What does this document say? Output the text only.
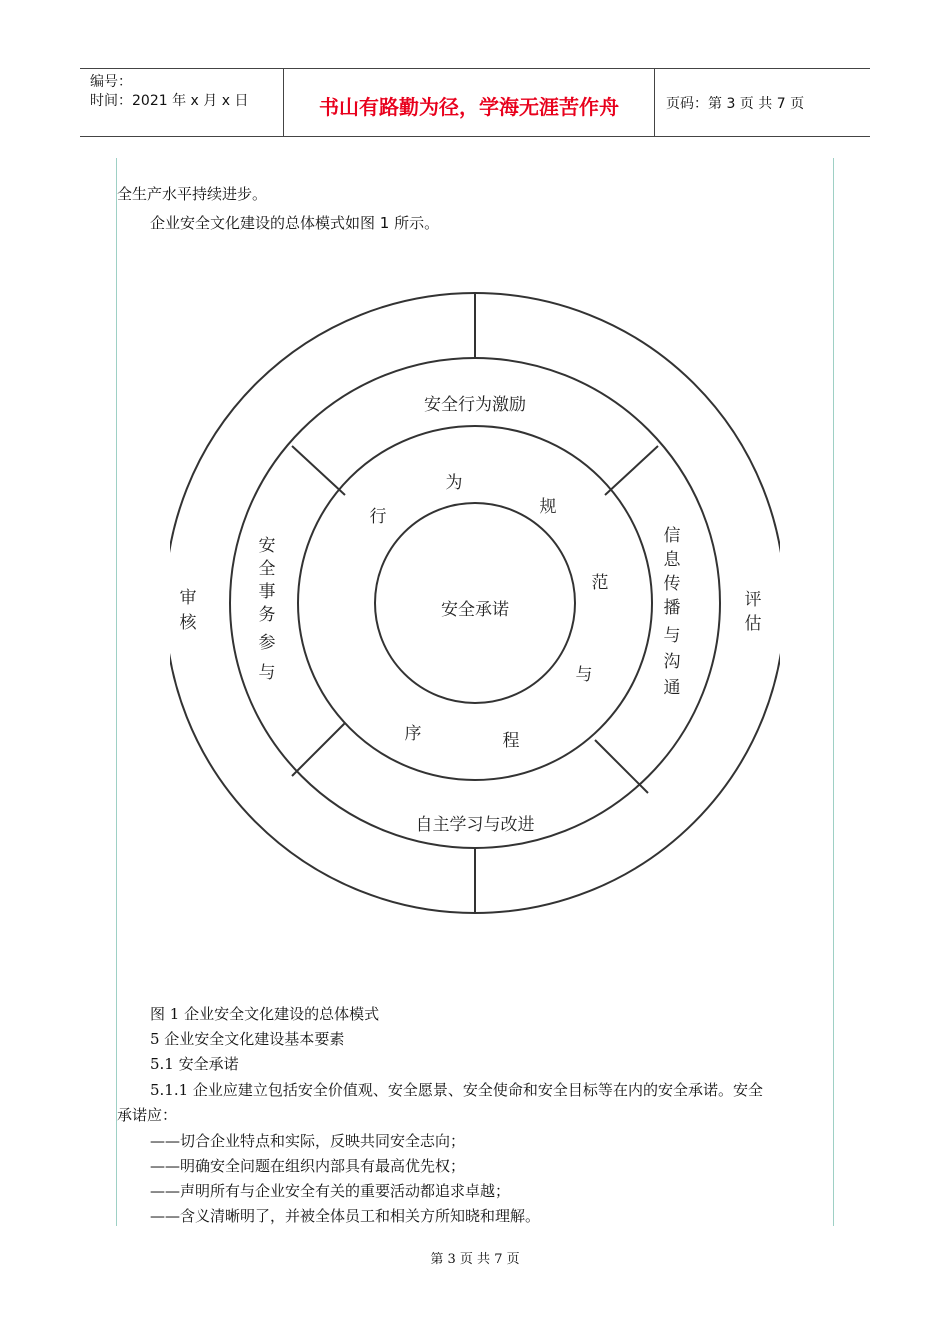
编号：
时间：2021 年 x 月 x 日	书山有路勤为径，学海无涯苦作舟	页码：第 3 页 共 7 页
全生产水平持续进步。
企业安全文化建设的总体模式如图 1 所示。
安全承诺
行
为
规
范
与
程
序
安全行为激励
自主学习与改进
安
全
事
务
参
与
信
息
传
播
与
沟
通
审
核
评
估
图 1 企业安全文化建设的总体模式
5 企业安全文化建设基本要素
5.1 安全承诺
5.1.1 企业应建立包括安全价值观、安全愿景、安全使命和安全目标等在内的安全承诺。安全
承诺应：
——切合企业特点和实际，反映共同安全志向；
——明确安全问题在组织内部具有最高优先权；
——声明所有与企业安全有关的重要活动都追求卓越；
——含义清晰明了，并被全体员工和相关方所知晓和理解。
第 3 页 共 7 页
